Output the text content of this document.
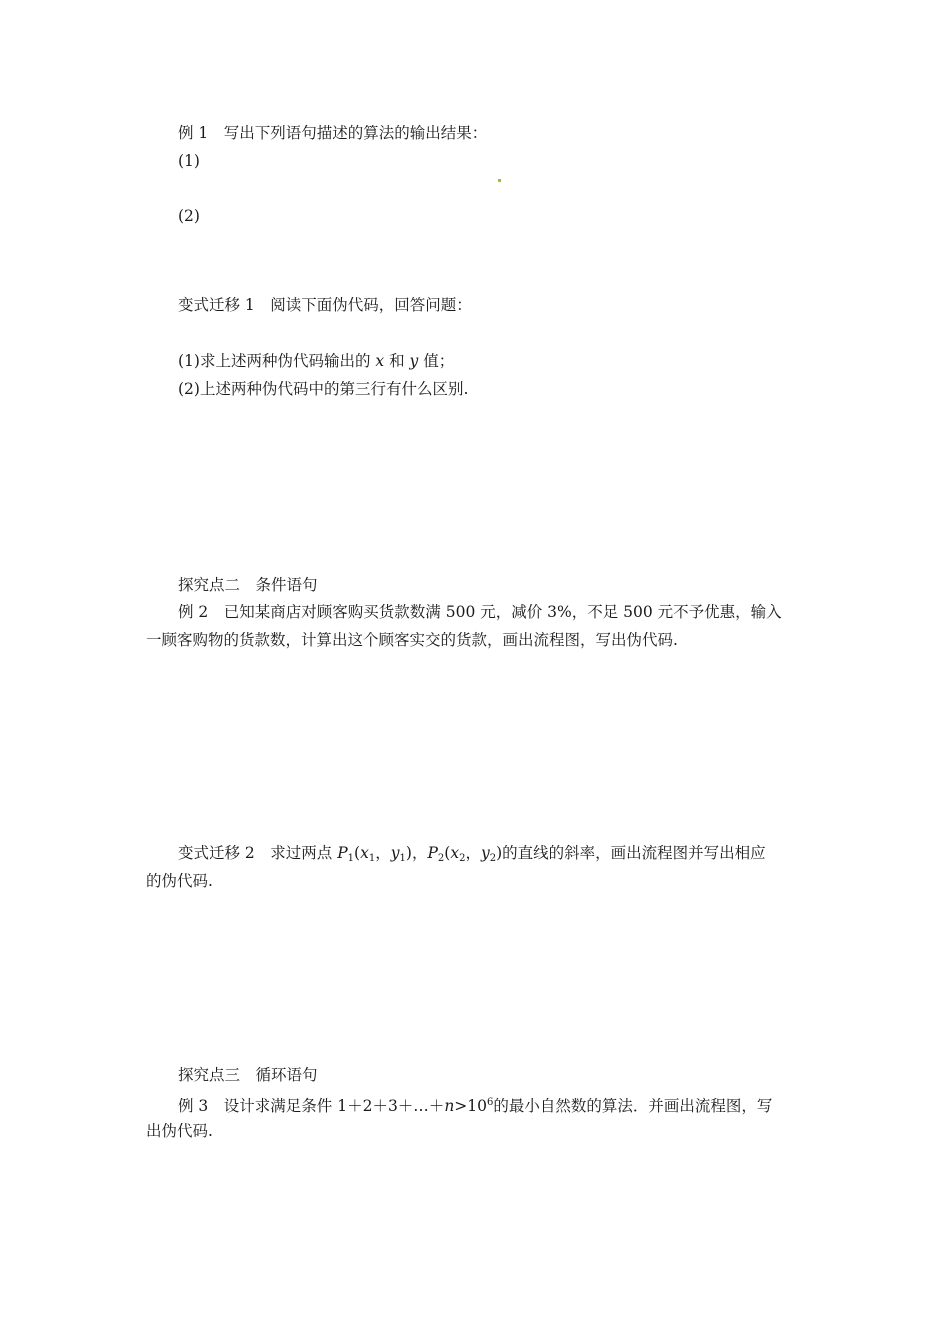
例 1　写出下列语句描述的算法的输出结果：
(1)
(2)
变式迁移 1　阅读下面伪代码，回答问题：
(1)求上述两种伪代码输出的 x 和 y 值；
(2)上述两种伪代码中的第三行有什么区别.
探究点二　条件语句
例 2　已知某商店对顾客购买货款数满 500 元，减价 3%，不足 500 元不予优惠，输入
一顾客购物的货款数，计算出这个顾客实交的货款，画出流程图，写出伪代码.
变式迁移 2　求过两点 $P_1(x_1$，$y_1$)，$P_2(x_2$，$y_2$)的直线的斜率，画出流程图并写出相应
的伪代码.
探究点三　循环语句
例 3　设计求满足条件 $1+2+3+\dots+n>10^6$的最小自然数的算法．并画出流程图，写
出伪代码.
